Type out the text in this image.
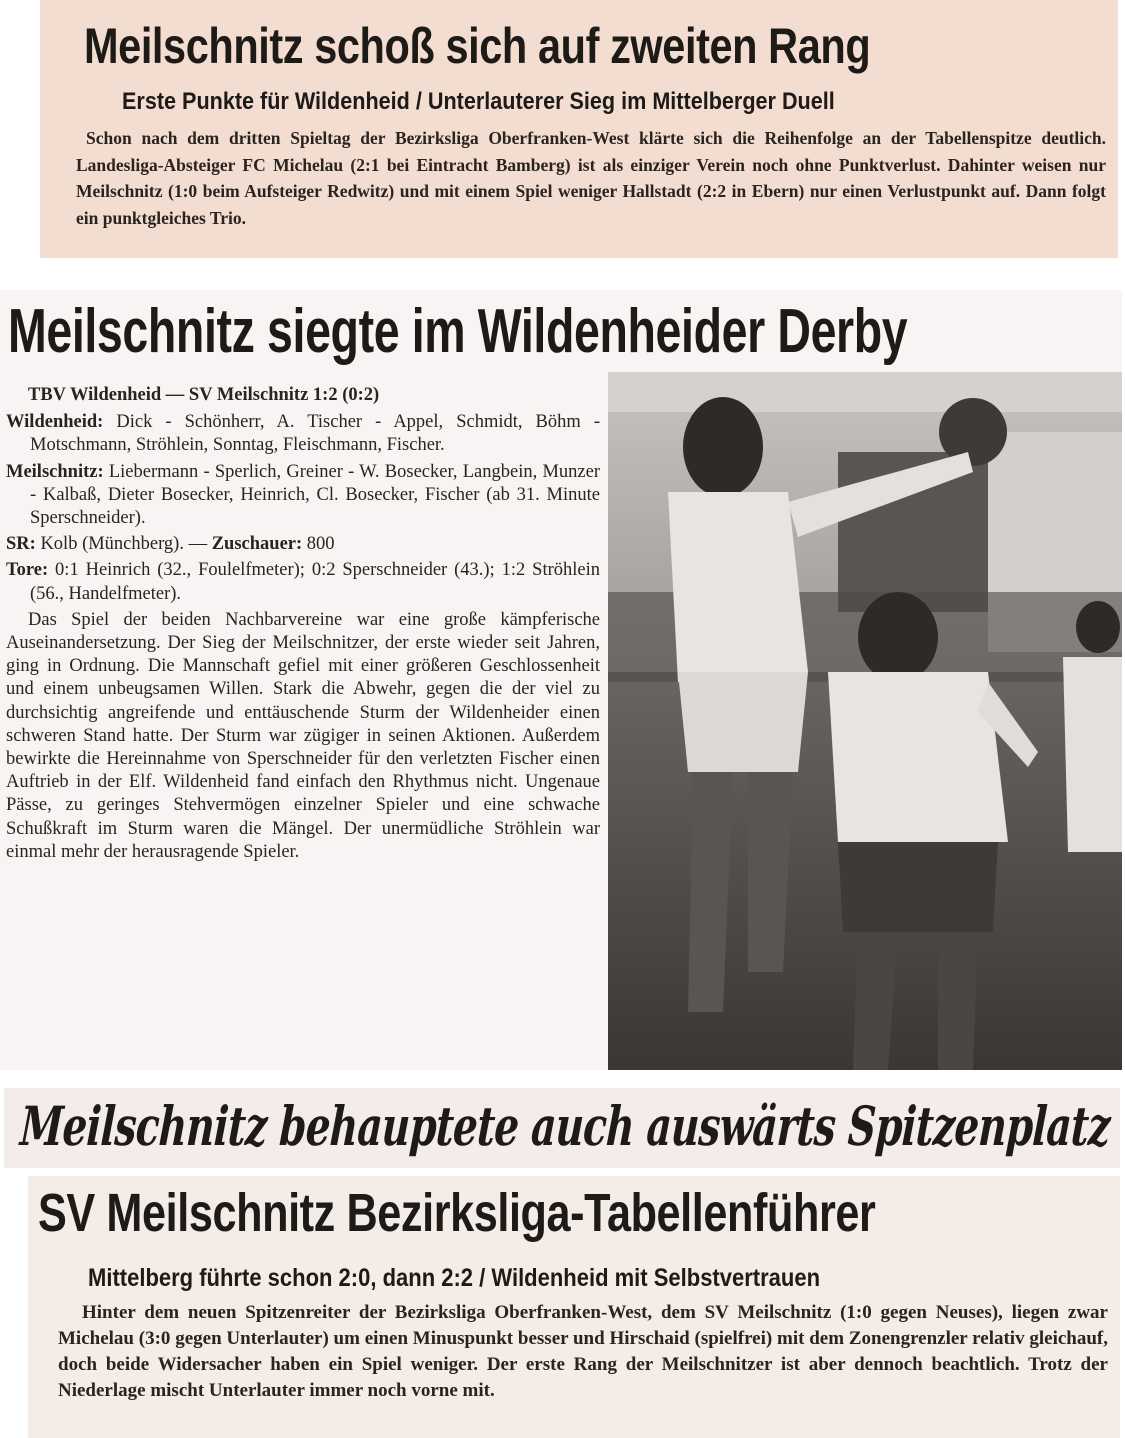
Meilschnitz schoß sich auf zweiten Rang
Erste Punkte für Wildenheid / Unterlauterer Sieg im Mittelberger Duell
Schon nach dem dritten Spieltag der Bezirksliga Oberfranken-West klärte sich die Reihenfolge an der Tabellenspitze deutlich. Landesliga-Absteiger FC Michelau (2:1 bei Eintracht Bamberg) ist als einziger Verein noch ohne Punktverlust. Dahinter weisen nur Meilschnitz (1:0 beim Aufsteiger Redwitz) und mit einem Spiel weniger Hallstadt (2:2 in Ebern) nur einen Verlustpunkt auf. Dann folgt ein punktgleiches Trio.
Meilschnitz siegte im Wildenheider Derby

TBV Wildenheid — SV Meilschnitz 1:2 (0:2)

Wildenheid: Dick - Schönherr, A. Tischer - Appel, Schmidt, Böhm - Motschmann, Ströhlein, Sonntag, Fleischmann, Fischer.

Meilschnitz: Liebermann - Sperlich, Greiner - W. Bosecker, Langbein, Munzer - Kalbaß, Dieter Bosecker, Heinrich, Cl. Bosecker, Fischer (ab 31. Minute Sperschneider).

SR: Kolb (Münchberg). — Zuschauer: 800

Tore: 0:1 Heinrich (32., Foulelfmeter); 0:2 Sperschneider (43.); 1:2 Ströhlein (56., Handelfmeter).

Das Spiel der beiden Nachbarvereine war eine große kämpferische Auseinandersetzung. Der Sieg der Meilschnitzer, der erste wieder seit Jahren, ging in Ordnung. Die Mannschaft gefiel mit einer größeren Geschlossenheit und einem unbeugsamen Willen. Stark die Abwehr, gegen die der viel zu durchsichtig angreifende und enttäuschende Sturm der Wildenheider einen schweren Stand hatte. Der Sturm war zügiger in seinen Aktionen. Außerdem bewirkte die Hereinnahme von Sperschneider für den verletzten Fischer einen Auftrieb in der Elf. Wildenheid fand einfach den Rhythmus nicht. Ungenaue Pässe, zu geringes Stehvermögen einzelner Spieler und eine schwache Schußkraft im Sturm waren die Mängel. Der unermüdliche Ströhlein war einmal mehr der herausragende Spieler.

Meilschnitz behauptete auch auswärts Spitzenplatz
SV Meilschnitz Bezirksliga-Tabellenführer
Mittelberg führte schon 2:0, dann 2:2 / Wildenheid mit Selbstvertrauen
Hinter dem neuen Spitzenreiter der Bezirksliga Oberfranken-West, dem SV Meilschnitz (1:0 gegen Neuses), liegen zwar Michelau (3:0 gegen Unterlauter) um einen Minuspunkt besser und Hirschaid (spielfrei) mit dem Zonengrenzler relativ gleichauf, doch beide Widersacher haben ein Spiel weniger. Der erste Rang der Meilschnitzer ist aber dennoch beachtlich. Trotz der Niederlage mischt Unterlauter immer noch vorne mit.
